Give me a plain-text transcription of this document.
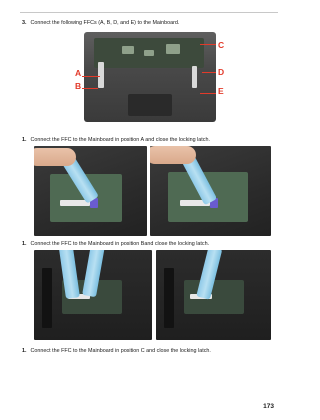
3. Connect the following FFCs (A, B, D, and E) to the Mainboard.
A
B
C
D
E
1. Connect the FFC to the Mainboard in position A and close the locking latch.
1. Connect the FFC to the Mainboard in position Band close the locking latch.
1. Connect the FFC to the Mainboard in position C and close the locking latch.
173
